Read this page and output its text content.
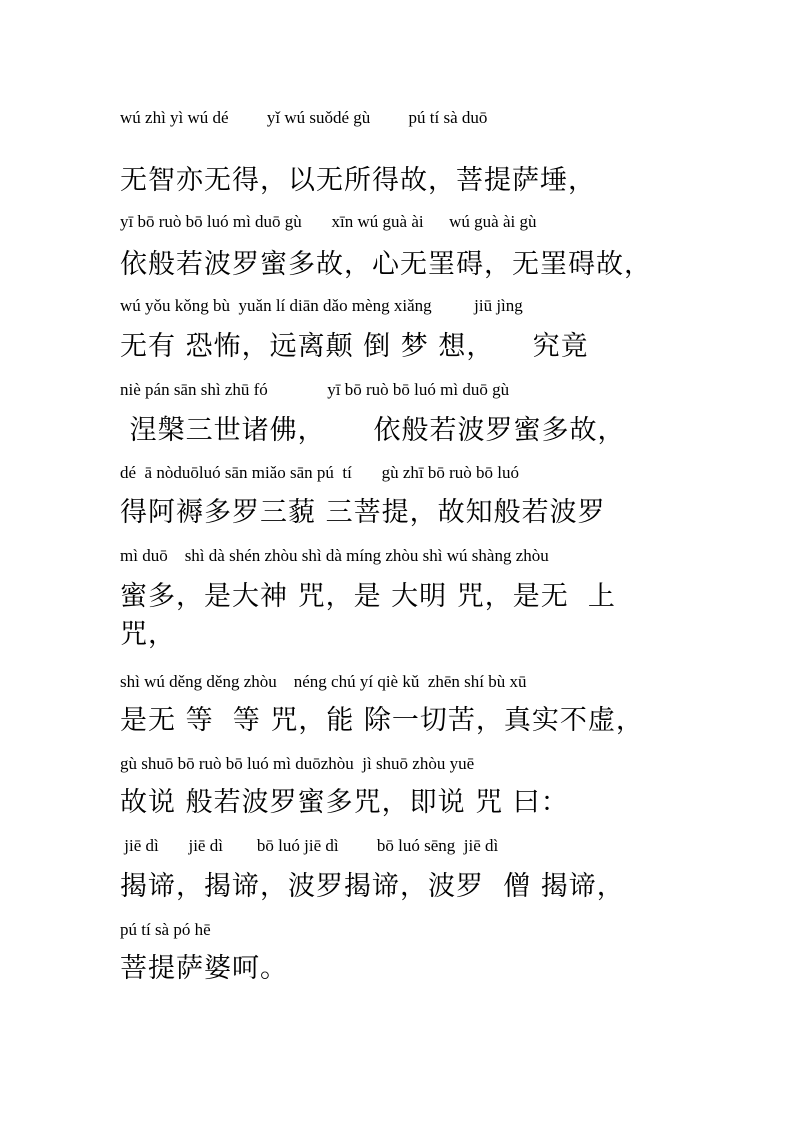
wú zhì yì wú dé         yǐ wú suǒdé gù         pú tí sà duō
无智亦无得，以无所得故，菩提萨埵，
yī bō ruò bō luó mì duō gù       xīn wú guà ài      wú guà ài gù
依般若波罗蜜多故，心无罣碍，无罣碍故，
wú yǒu kǒng bù  yuǎn lí diān dǎo mèng xiǎng          jiū jìng
无有 恐怖，远离颠 倒 梦 想，    究竟
niè pán sān shì zhū fó              yī bō ruò bō luó mì duō gù
涅槃三世诸佛，     依般若波罗蜜多故，
dé  ā nòduōluó sān miǎo sān pú  tí       gù zhī bō ruò bō luó
得阿褥多罗三藐 三菩提，故知般若波罗
mì duō    shì dà shén zhòu shì dà míng zhòu shì wú shàng zhòu
蜜多，是大神 咒，是 大明 咒，是无  上
咒，
shì wú děng děng zhòu    néng chú yí qiè kǔ  zhēn shí bù xū
是无 等  等 咒，能 除一切苦，真实不虚，
gù shuō bō ruò bō luó mì duōzhòu  jì shuō zhòu yuē
故说 般若波罗蜜多咒，即说 咒 曰：
jiē dì       jiē dì        bō luó jiē dì         bō luó sēng  jiē dì
揭谛，揭谛，波罗揭谛，波罗  僧 揭谛，
pú tí sà pó hē
菩提萨婆呵。
